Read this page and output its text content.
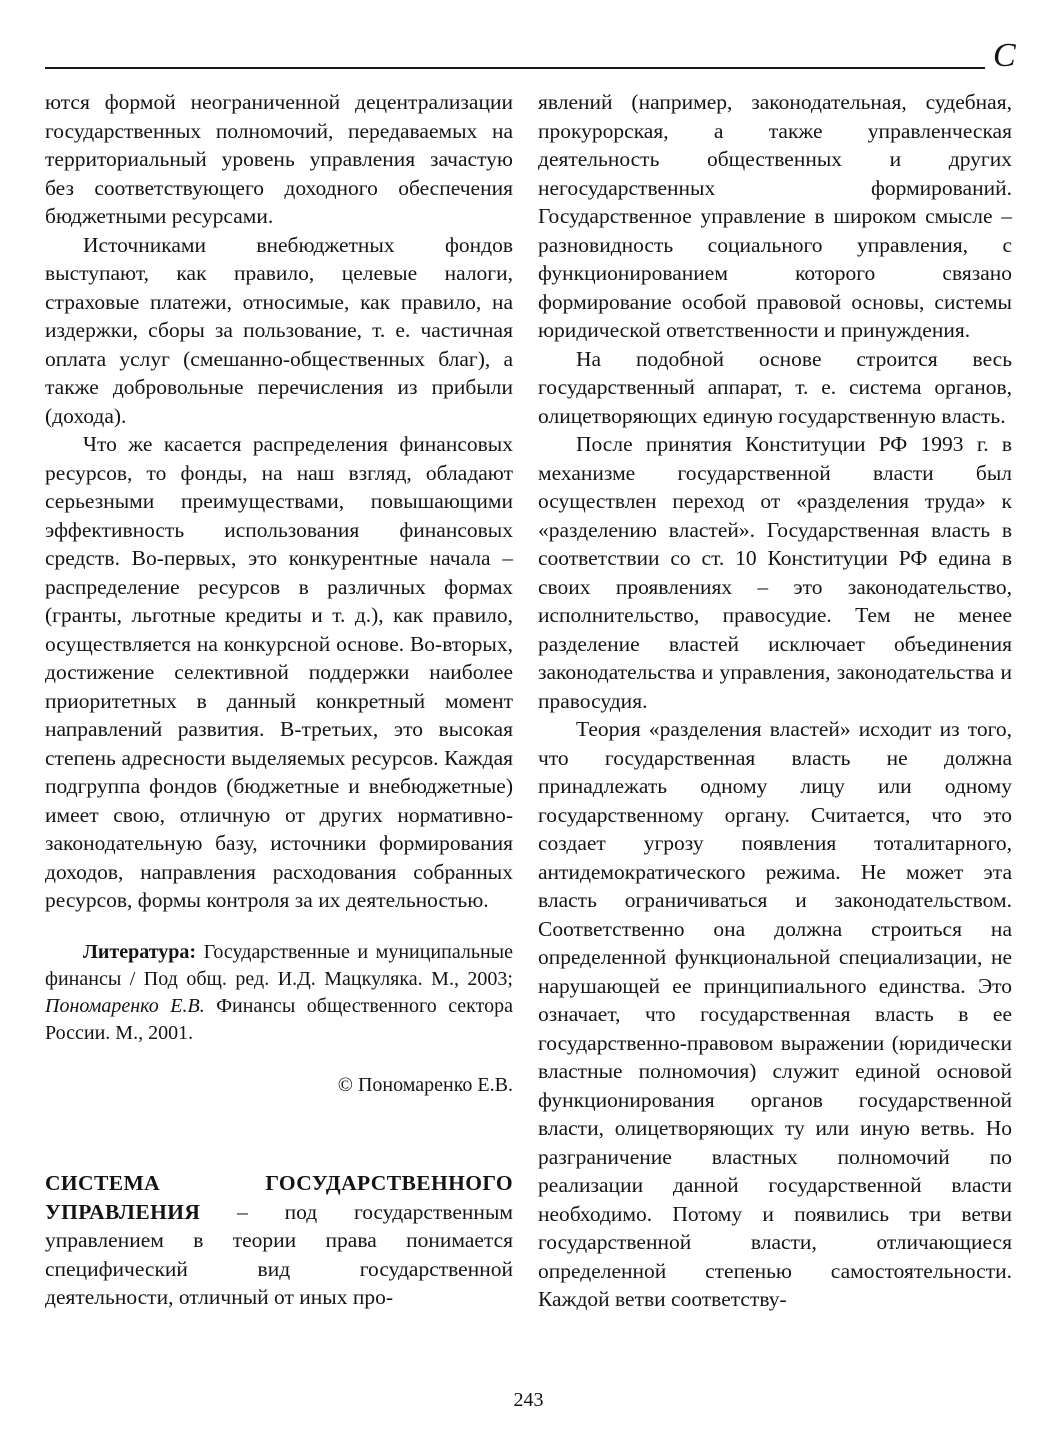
С

ются формой неограниченной децентрализации государственных полномочий, передаваемых на территориальный уровень управления зачастую без соответствующего доходного обеспечения бюджетными ресурсами.

Источниками внебюджетных фондов выступают, как правило, целевые налоги, страховые платежи, относимые, как правило, на издержки, сборы за пользование, т. е. частичная оплата услуг (смешанно-общественных благ), а также добровольные перечисления из прибыли (дохода).

Что же касается распределения финансовых ресурсов, то фонды, на наш взгляд, обладают серьезными преимуществами, повышающими эффективность использования финансовых средств. Во-первых, это конкурентные начала – распределение ресурсов в различных формах (гранты, льготные кредиты и т. д.), как правило, осуществляется на конкурсной основе. Во-вторых, достижение селективной поддержки наиболее приоритетных в данный конкретный момент направлений развития. В-третьих, это высокая степень адресности выделяемых ресурсов. Каждая подгруппа фондов (бюджетные и внебюджетные) имеет свою, отличную от других нормативно-законодательную базу, источники формирования доходов, направления расходования собранных ресурсов, формы контроля за их деятельностью.

Литература: Государственные и муниципальные финансы / Под общ. ред. И.Д. Мацкуляка. М., 2003; Пономаренко Е.В. Финансы общественного сектора России. М., 2001.

© Пономаренко Е.В.

СИСТЕМА ГОСУДАРСТВЕННОГО УПРАВЛЕНИЯ – под государственным управлением в теории права понимается специфический вид государственной деятельности, отличный от иных про-

явлений (например, законодательная, судебная, прокурорская, а также управленческая деятельность общественных и других негосударственных формирований. Государственное управление в широком смысле – разновидность социального управления, с функционированием которого связано формирование особой правовой основы, системы юридической ответственности и принуждения.

На подобной основе строится весь государственный аппарат, т. е. система органов, олицетворяющих единую государственную власть.

После принятия Конституции РФ 1993 г. в механизме государственной власти был осуществлен переход от «разделения труда» к «разделению властей». Государственная власть в соответствии со ст. 10 Конституции РФ едина в своих проявлениях – это законодательство, исполнительство, правосудие. Тем не менее разделение властей исключает объединения законодательства и управления, законодательства и правосудия.

Теория «разделения властей» исходит из того, что государственная власть не должна принадлежать одному лицу или одному государственному органу. Считается, что это создает угрозу появления тоталитарного, антидемократического режима. Не может эта власть ограничиваться и законодательством. Соответственно она должна строиться на определенной функциональной специализации, не нарушающей ее принципиального единства. Это означает, что государственная власть в ее государственно-правовом выражении (юридически властные полномочия) служит единой основой функционирования органов государственной власти, олицетворяющих ту или иную ветвь. Но разграничение властных полномочий по реализации данной государственной власти необходимо. Потому и появились три ветви государственной власти, отличающиеся определенной степенью самостоятельности. Каждой ветви соответству-

243
